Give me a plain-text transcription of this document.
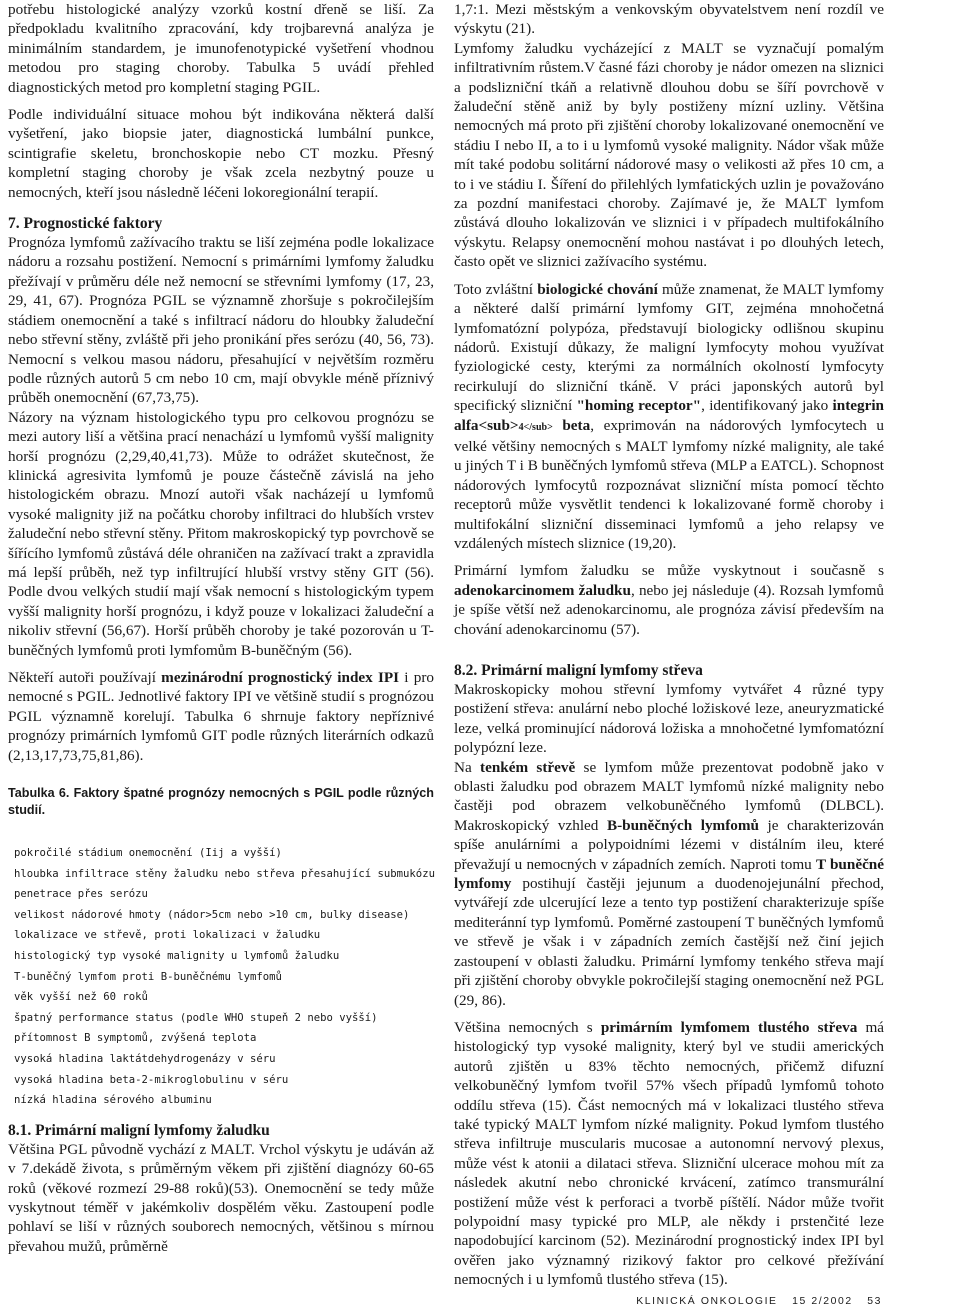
potřebu histologické analýzy vzorků kostní dřeně se liší. Za předpokladu kvalitního zpracování, kdy trojbarevná analýza je minimálním standardem, je imunofenotypické vyšetření vhodnou metodou pro staging choroby. Tabulka 5 uvádí přehled diagnostických metod pro kompletní staging PGIL.

Podle individuální situace mohou být indikována některá další vyšetření, jako biopsie jater, diagnostická lumbální punkce, scintigrafie skeletu, bronchoskopie nebo CT mozku. Přesný kompletní staging choroby je však zcela nezbytný pouze u nemocných, kteří jsou následně léčeni lokoregionální terapií.

7. Prognostické faktory

Prognóza lymfomů zažívacího traktu se liší zejména podle lokalizace nádoru a rozsahu postižení. Nemocní s primárními lymfomy žaludku přežívají v průměru déle než nemocní se střevními lymfomy (17, 23, 29, 41, 67). Prognóza PGIL se významně zhoršuje s pokročilejším stádiem onemocnění a také s infiltrací nádoru do hloubky žaludeční nebo střevní stěny, zvláště při jeho pronikání přes serózu (40, 56, 73). Nemocní s velkou masou nádoru, přesahující v největším rozměru podle různých autorů 5 cm nebo 10 cm, mají obvykle méně příznivý průběh onemocnění (67,73,75).

Názory na význam histologického typu pro celkovou prognózu se mezi autory liší a většina prací nenachází u lymfomů vyšší malignity horší prognózu (2,29,40,41,73). Může to odrážet skutečnost, že klinická agresivita lymfomů je pouze částečně závislá na jeho histologickém obrazu. Mnozí autoři však nacházejí u lymfomů vysoké malignity již na počátku choroby infiltraci do hlubších vrstev žaludeční nebo střevní stěny. Přitom makroskopický typ povrchově se šířícího lymfomů zůstává déle ohraničen na zažívací trakt a zpravidla má lepší průběh, než typ infiltrující hlubší vrstvy stěny GIT (56). Podle dvou velkých studií mají však nemocní s histologickým typem vyšší malignity horší prognózu, i když pouze v lokalizaci žaludeční a nikoliv střevní (56,67). Horší průběh choroby je také pozorován u T-buněčných lymfomů proti lymfomům B-buněčným (56).

Někteří autoři používají mezinárodní prognostický index IPI i pro nemocné s PGIL. Jednotlivé faktory IPI ve většině studií s prognózou PGIL významně korelují. Tabulka 6 shrnuje faktory nepříznivé prognózy primárních lymfomů GIT podle různých literárních odkazů (2,13,17,73,75,81,86).

Tabulka 6. Faktory špatné prognózy nemocných s PGIL podle různých studií.

pokročilé stádium onemocnění (Iij a vyšší)
hloubka infiltrace stěny žaludku nebo střeva přesahující submukózu
penetrace přes serózu
velikost nádorové hmoty (nádor>5cm nebo >10 cm, bulky disease)
lokalizace ve střevě, proti lokalizaci v žaludku
histologický typ vysoké malignity u lymfomů žaludku
T-buněčný lymfom proti B-buněčnému lymfomů
věk vyšší než 60 roků
špatný performance status (podle WHO stupeň 2 nebo vyšší)
přítomnost B symptomů, zvýšená teplota
vysoká hladina laktátdehydrogenázy v séru
vysoká hladina beta-2-mikroglobulinu v séru
nízká hladina sérového albuminu
8.1. Primární maligní lymfomy žaludku

Většina PGL původně vychází z MALT. Vrchol výskytu je udáván až v 7.dekádě života, s průměrným věkem při zjištění diagnózy 60-65 roků (věkové rozmezí 29-88 roků)(53). Onemocnění se tedy může vyskytnout téměř v jakémkoliv dospělém věku. Zastoupení podle pohlaví se liší v různých souborech nemocných, většinou s mírnou převahou mužů, průměrně

1,7:1. Mezi městským a venkovským obyvatelstvem není rozdíl ve výskytu (21).

Lymfomy žaludku vycházející z MALT se vyznačují pomalým infiltrativním růstem.V časné fázi choroby je nádor omezen na sliznici a podslizniční tkáň a relativně dlouhou dobu se šíří povrchově v žaludeční stěně aniž by byly postiženy mízní uzliny. Většina nemocných má proto při zjištění choroby lokalizované onemocnění ve stádiu I nebo II, a to i u lymfomů vysoké malignity. Nádor však může mít také podobu solitární nádorové masy o velikosti až přes 10 cm, a to i ve stádiu I. Šíření do přilehlých lymfatických uzlin je považováno za pozdní manifestaci choroby. Zajímavé je, že MALT lymfom zůstává dlouho lokalizován ve sliznici i v případech multifokálního výskytu. Relapsy onemocnění mohou nastávat i po dlouhých letech, často opět ve sliznici zažívacího systému.

Toto zvláštní biologické chování může znamenat, že MALT lymfomy a některé další primární lymfomy GIT, zejména mnohočetná lymfomatózní polypóza, představují biologicky odlišnou skupinu nádorů. Existují důkazy, že maligní lymfocyty mohou využívat fyziologické cesty, kterými za normálních okolností lymfocyty recirkulují do slizniční tkáně. V práci japonských autorů byl specifický slizniční "homing receptor", identifikovaný jako integrin alfa<sub>4</sub> beta, exprimován na nádorových lymfocytech u velké většiny nemocných s MALT lymfomy nízké malignity, ale také u jiných T i B buněčných lymfomů střeva (MLP a EATCL). Schopnost nádorových lymfocytů rozpoznávat slizniční místa pomocí těchto receptorů může vysvětlit tendenci k lokalizované formě choroby i multifokální slizniční disseminaci lymfomů a jeho relapsy ve vzdálených místech sliznice (19,20).

Primární lymfom žaludku se může vyskytnout i současně s adenokarcinomem žaludku, nebo jej následuje (4). Rozsah lymfomů je spíše větší než adenokarcinomu, ale prognóza závisí především na chování adenokarcinomu (57).

8.2. Primární maligní lymfomy střeva

Makroskopicky mohou střevní lymfomy vytvářet 4 různé typy postižení střeva: anulární nebo ploché ložiskové leze, aneuryzmatické leze, velká prominující nádorová ložiska a mnohočetné lymfomatózní polypózní leze.

Na tenkém střevě se lymfom může prezentovat podobně jako v oblasti žaludku pod obrazem MALT lymfomů nízké malignity nebo častěji pod obrazem velkobuněčného lymfomů (DLBCL). Makroskopický vzhled B-buněčných lymfomů je charakterizován spíše anulárními a polypoidními lézemi v distálním ileu, které převažují u nemocných v západních zemích. Naproti tomu T buněčné lymfomy postihují častěji jejunum a duodenojejunální přechod, vytvářejí zde ulcerující leze a tento typ postižení charakterizuje spíše mediteránní typ lymfomů. Poměrné zastoupení T buněčných lymfomů ve střevě je však i v západních zemích častější než činí jejich zastoupení v oblasti žaludku. Primární lymfomy tenkého střeva mají při zjištění choroby obvykle pokročilejší staging onemocnění než PGL (29, 86).

Většina nemocných s primárním lymfomem tlustého střeva má histologický typ vysoké malignity, který byl ve studii amerických autorů zjištěn u 83% těchto nemocných, přičemž difuzní velkobuněčný lymfom tvořil 57% všech případů lymfomů tohoto oddílu střeva (15). Část nemocných má v lokalizaci tlustého střeva také typický MALT lymfom nízké malignity. Pokud lymfom tlustého střeva infiltruje muscularis mucosae a autonomní nervový plexus, může vést k atonii a dilataci střeva. Slizniční ulcerace mohou mít za následek akutní nebo chronické krvácení, zatímco transmurální postižení může vést k perforaci a tvorbě píštělí. Nádor může tvořit polypoidní masy typické pro MLP, ale někdy i prstenčité leze napodobující karcinom (52). Mezinárodní prognostický index IPI byl ověřen jako významný rizikový faktor pro celkové přežívání nemocných i u lymfomů tlustého střeva (15).

KLINICKÁ ONKOLOGIE 15 2/2002 53
